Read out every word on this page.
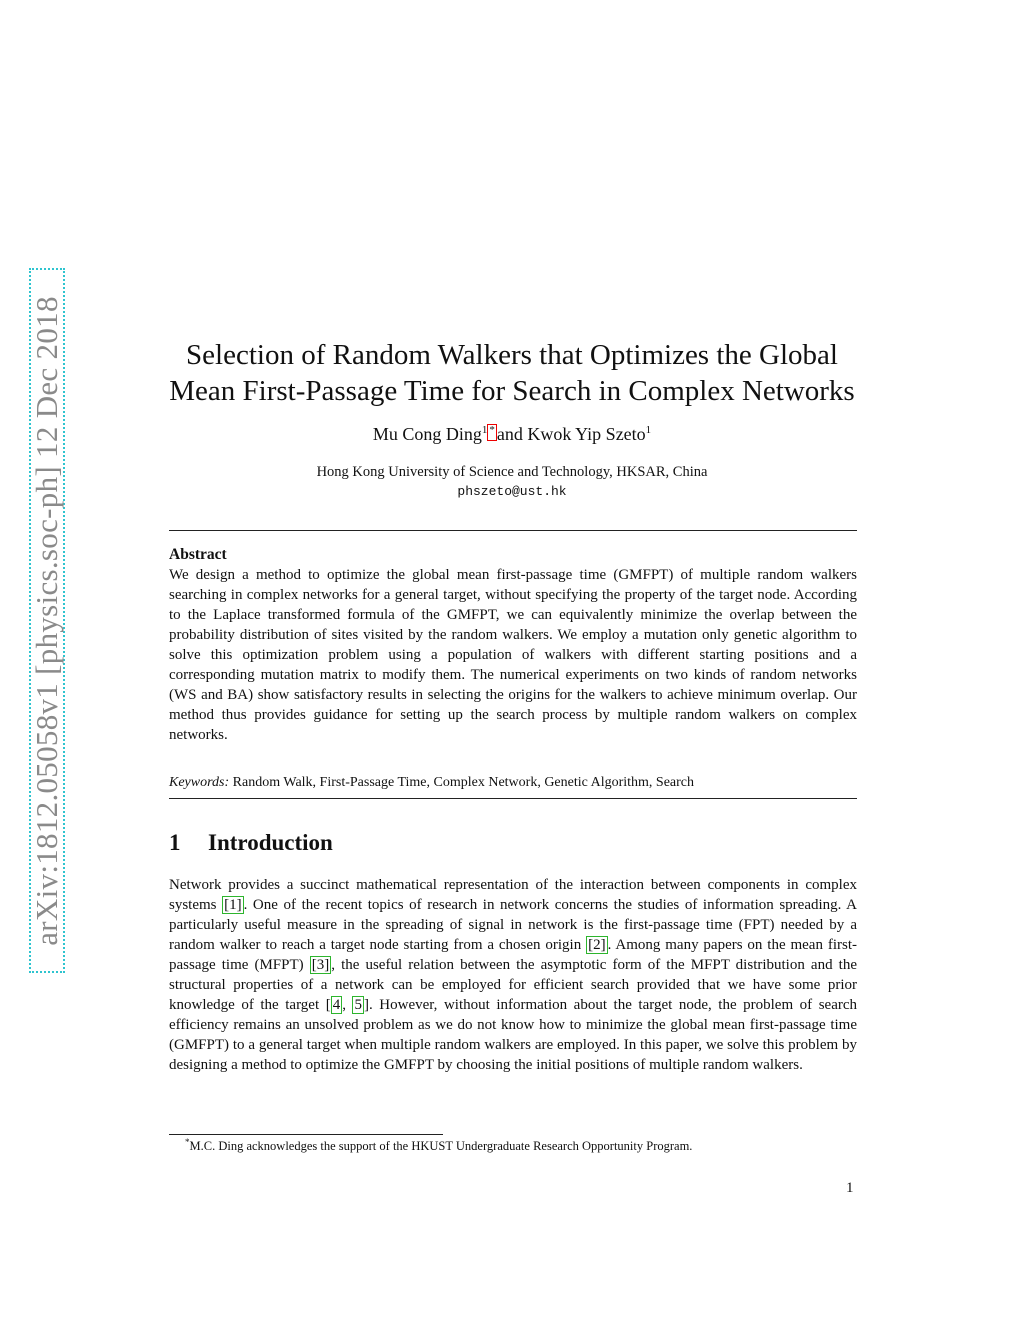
arXiv:1812.05058v1 [physics.soc-ph] 12 Dec 2018	Selection of Random Walkers that Optimizes the Global
Mean First-Passage Time for Search in Complex Networks
Mu Cong Ding$^1$ * and Kwok Yip Szeto$^1$
Hong Kong University of Science and Technology, HKSAR, China
phszeto@ust.hk
Abstract
We design a method to optimize the global mean first-passage time (GMFPT) of multiple random walkers searching in complex networks for a general target, without specifying the property of the target node. According to the Laplace transformed formula of the GMFPT, we can equivalently minimize the overlap between the probability distribution of sites visited by the random walkers. We employ a mutation only genetic algorithm to solve this optimization problem using a population of walkers with different starting positions and a corresponding mutation matrix to modify them. The numerical experiments on two kinds of random networks (WS and BA) show satisfactory results in selecting the origins for the walkers to achieve minimum overlap. Our method thus provides guidance for setting up the search process by multiple random walkers on complex networks.
Keywords: Random Walk, First-Passage Time, Complex Network, Genetic Algorithm, Search
1 Introduction
Network provides a succinct mathematical representation of the interaction between components in complex systems [1] . One of the recent topics of research in network concerns the studies of information spreading. A particularly useful measure in the spreading of signal in network is the first-passage time (FPT) needed by a random walker to reach a target node starting from a chosen origin [2] . Among many papers on the mean first-passage time (MFPT) [3] , the useful relation between the asymptotic form of the MFPT distribution and the structural properties of a network can be employed for efficient search provided that we have some prior knowledge of the target [ 4 , 5 ]. However, without information about the target node, the problem of search efficiency remains an unsolved problem as we do not know how to minimize the global mean first-passage time (GMFPT) to a general target when multiple random walkers are employed. In this paper, we solve this problem by designing a method to optimize the GMFPT by choosing the initial positions of multiple random walkers.
*M.C. Ding acknowledges the support of the HKUST Undergraduate Research Opportunity Program.
1
